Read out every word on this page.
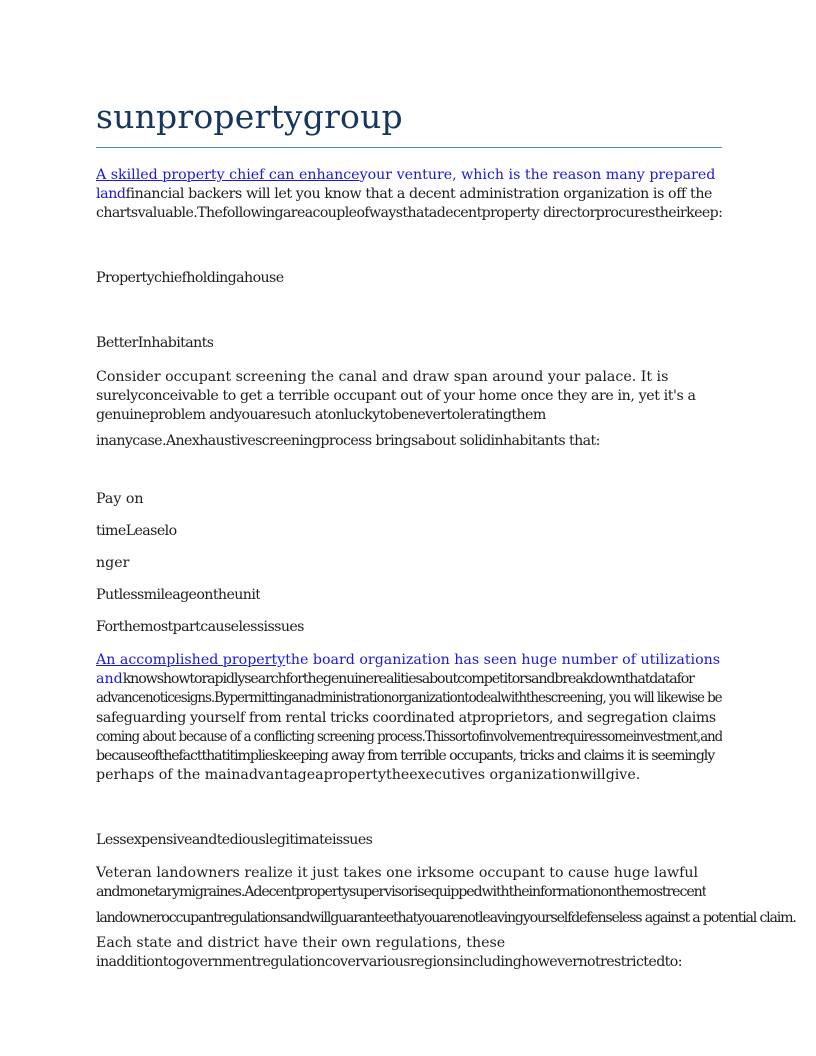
sunpropertygroup
A skilled property chief can enhanceyour venture, which is the reason many prepared
landfinancial backers will let you know that a decent administration organization is off the
chartsvaluable.Thefollowingareacoupleofwaysthatadecentproperty directorprocurestheirkeep:
Propertychiefholdingahouse
BetterInhabitants
Consider occupant screening the canal and draw span around your palace. It is
surelyconceivable to get a terrible occupant out of your home once they are in, yet it's a
genuineproblem andyouaresuch atonluckytobenevertoleratingthem inanycase.Anexhaustivescreeningprocess bringsabout solidinhabitants that:
Pay on
timeLeaselo
nger
Putlessmileageontheunit
Forthemostpartcauselessissues
An accomplished propertythe board organization has seen huge number of utilizations
andknowshowtorapidlysearchforthegenuinerealitiesaboutcompetitorsandbreakdownthatdatafor
advancenoticesigns.Bypermittinganadministrationorganizationtodealwiththescreening, you will likewise be
safeguarding yourself from rental tricks coordinated atproprietors, and segregation claims
coming about because of a conflicting screening process.Thissortofinvolvementrequiressomeinvestment,and
becauseofthefactthatitimplieskeeping away from terrible occupants, tricks and claims it is seemingly
perhaps of the mainadvantageapropertytheexecutives organizationwillgive.
Lessexpensiveandtediouslegitimateissues
Veteran landowners realize it just takes one irksome occupant to cause huge lawful
andmonetarymigraines.Adecentpropertysupervisorisequippedwiththeinformationonthemostrecent landowneroccupantregulationsandwillguaranteethatyouarenotleavingyourselfdefenseless against a potential claim.
Each state and district have their own regulations, these
inadditiontogovernmentregulationcovervariousregionsincludinghowevernotrestrictedto:
